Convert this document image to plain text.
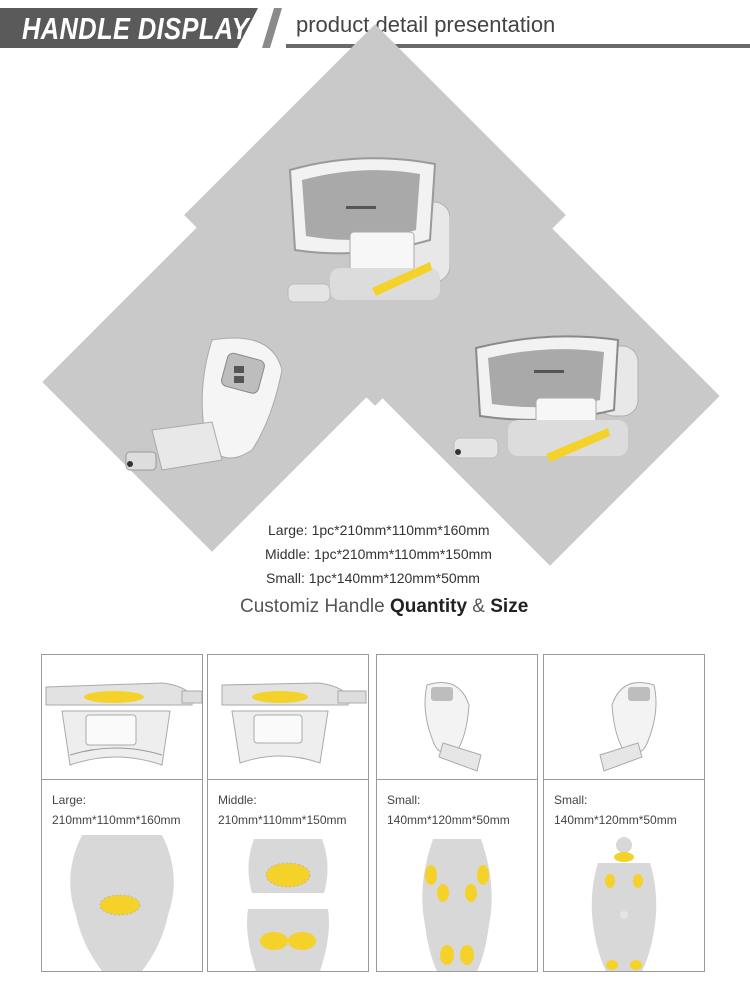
HANDLE DISPLAY product detail presentation
Large: 1pc*210mm*110mm*160mm
Middle: 1pc*210mm*110mm*150mm
Small: 1pc*140mm*120mm*50mm
Customiz Handle Quantity & Size
Large:
210mm*110mm*160mm
Middle:
210mm*110mm*150mm
Small:
140mm*120mm*50mm
Small:
140mm*120mm*50mm
